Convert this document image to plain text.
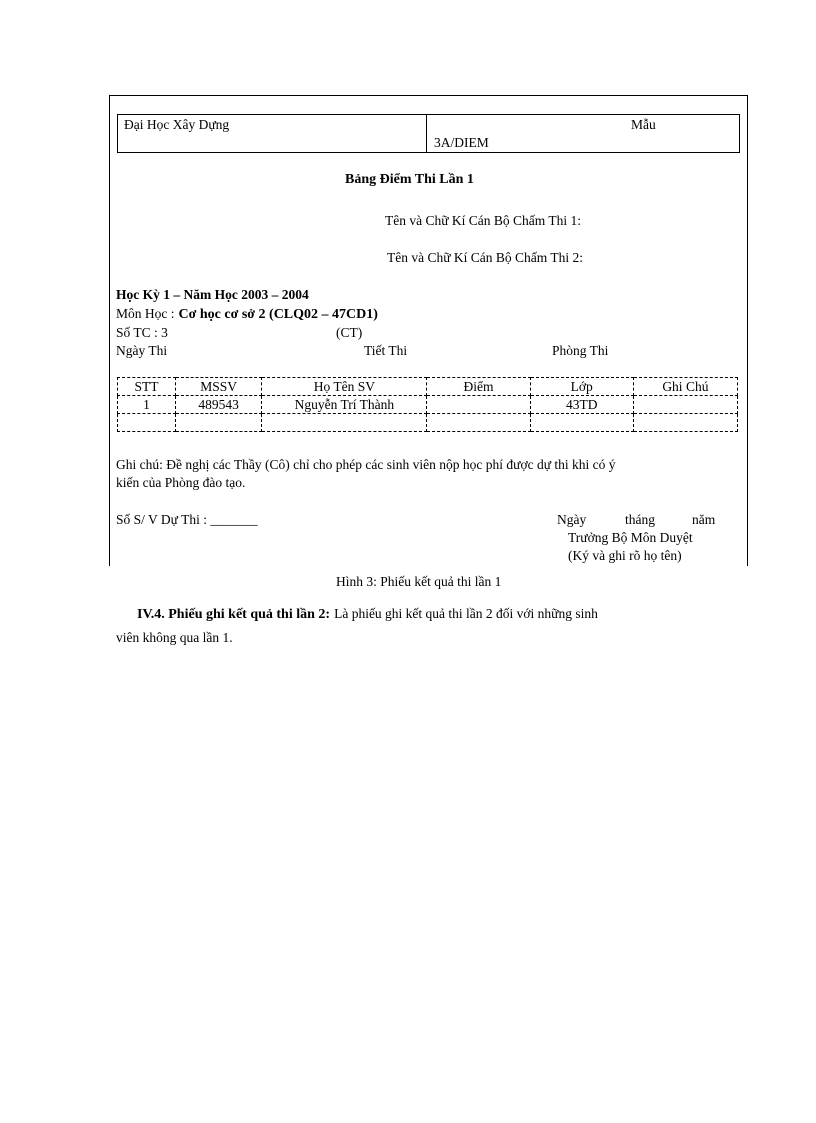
Đại Học Xây Dựng	Mẫu
3A/DIEM
Bảng Điểm Thi Lần 1
Tên và Chữ Kí Cán Bộ Chấm Thi 1:
Tên và Chữ Kí Cán Bộ Chấm Thi 2:
Học Kỳ 1 – Năm Học 2003 – 2004
Môn Học : Cơ học cơ sở 2 (CLQ02 – 47CD1)
Số TC : 3	(CT)
Ngày Thi	Tiết Thi	Phòng Thi
STT	MSSV	Họ Tên SV	Điểm	Lớp	Ghi Chú
1	489543	Nguyễn Trí Thành		43TD	

Ghi chú: Đề nghị các Thầy (Cô) chỉ cho phép các sinh viên nộp học phí được dự thi khi có ý
kiến của Phòng đào tạo.
Số S/ V Dự Thi : _______	Ngày	tháng	năm
Trưởng Bộ Môn Duyệt
(Ký và ghi rõ họ tên)
Hình 3: Phiếu kết quả thi lần 1
IV.4. Phiếu ghi kết quả thi lần 2: Là phiếu ghi kết quả thi lần 2 đối với những sinh
viên không qua lần 1.
